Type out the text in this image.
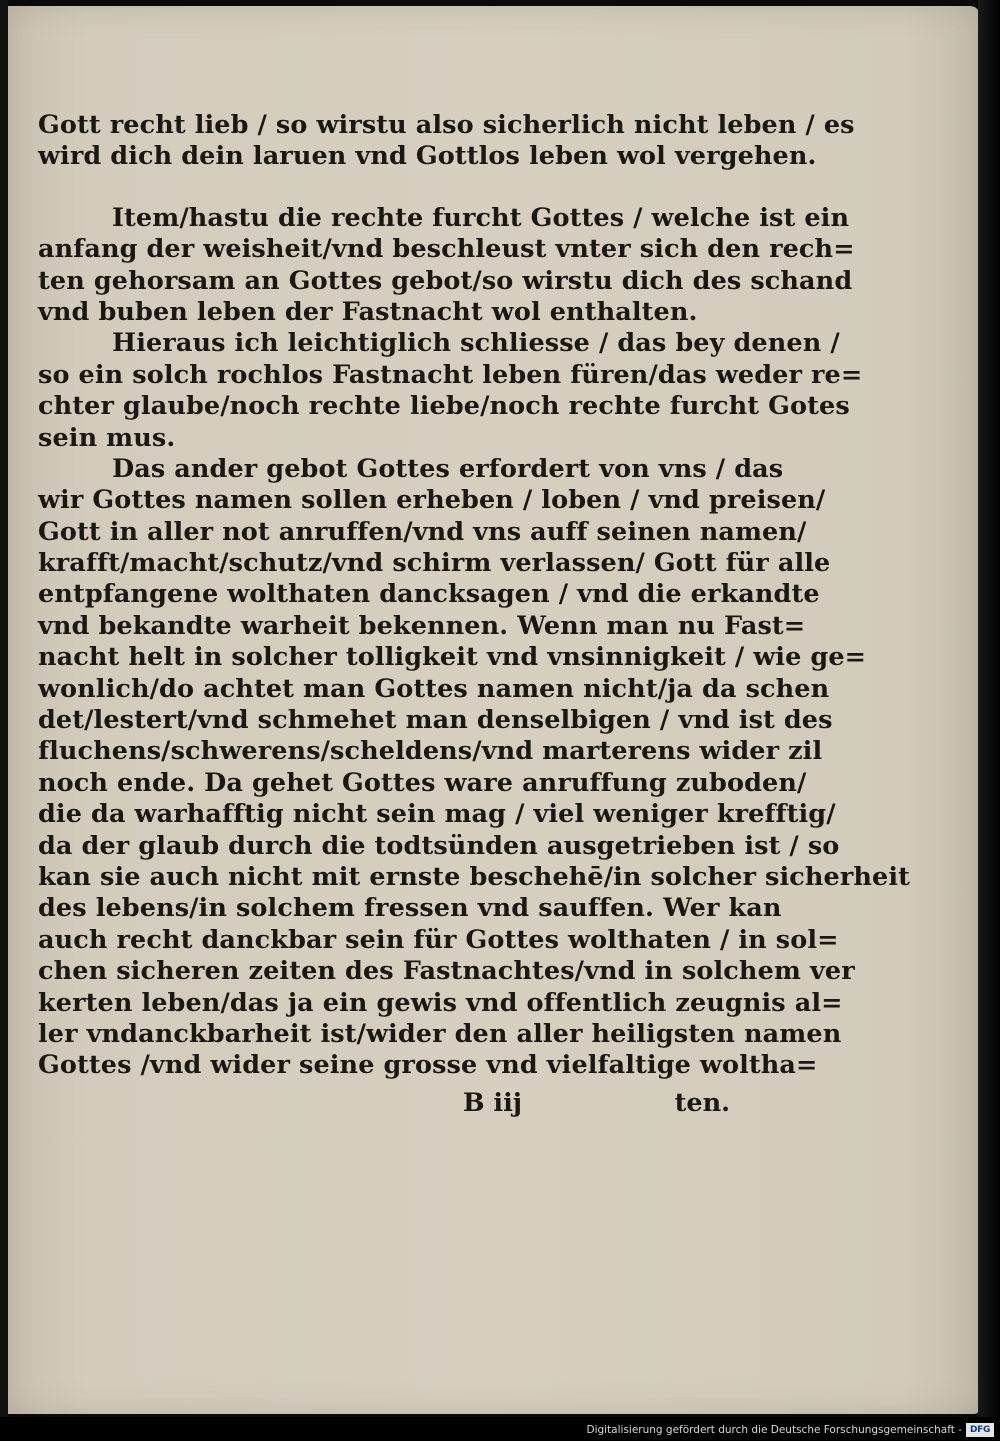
Gott recht lieb / so wirstu also sicherlich nicht leben / es
wird dich dein laruen vnd Gottlos leben wol vergehen.
Item/hastu die rechte furcht Gottes / welche ist ein
anfang der weisheit/vnd beschleust vnter sich den rech=
ten gehorsam an Gottes gebot/so wirstu dich des schand
vnd buben leben der Fastnacht wol enthalten.
Hieraus ich leichtiglich schliesse / das bey denen /
so ein solch rochlos Fastnacht leben füren/das weder re=
chter glaube/noch rechte liebe/noch rechte furcht Gotes
sein mus.
Das ander gebot Gottes erfordert von vns / das
wir Gottes namen sollen erheben / loben / vnd preisen/
Gott in aller not anruffen/vnd vns auff seinen namen/
krafft/macht/schutz/vnd schirm verlassen/ Gott für alle
entpfangene wolthaten dancksagen / vnd die erkandte
vnd bekandte warheit bekennen. Wenn man nu Fast=
nacht helt in solcher tolligkeit vnd vnsinnigkeit / wie ge=
wonlich/do achtet man Gottes namen nicht/ja da schen
det/lestert/vnd schmehet man denselbigen / vnd ist des
fluchens/schwerens/scheldens/vnd marterens wider zil
noch ende. Da gehet Gottes ware anruffung zuboden/
die da warhafftig nicht sein mag / viel weniger krefftig/
da der glaub durch die todtsünden ausgetrieben ist / so
kan sie auch nicht mit ernste beschehē/in solcher sicherheit
des lebens/in solchem fressen vnd sauffen. Wer kan
auch recht danckbar sein für Gottes wolthaten / in sol=
chen sicheren zeiten des Fastnachtes/vnd in solchem ver
kerten leben/das ja ein gewis vnd offentlich zeugnis al=
ler vndanckbarheit ist/wider den aller heiligsten namen
Gottes /vnd wider seine grosse vnd vielfaltige woltha=
B iij	ten.
Digitalisierung gefördert durch die Deutsche Forschungsgemeinschaft - DFG
